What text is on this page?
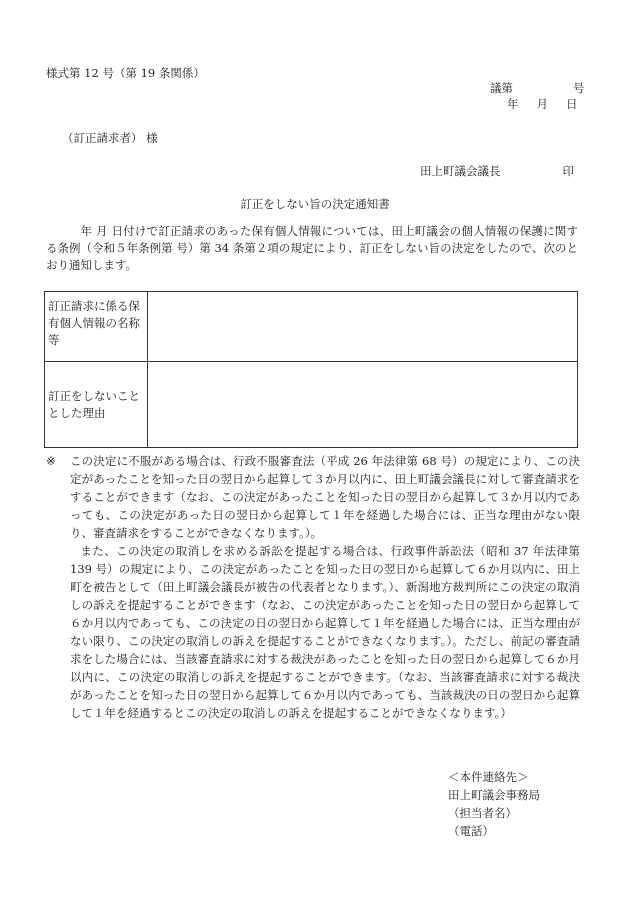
様式第 12 号（第 19 条関係）
議第	号
年 月 日
（訂正請求者） 様
田上町議会議長	印
訂正をしない旨の決定通知書

年 月 日付けで訂正請求のあった保有個人情報については、田上町議会の個人情報の保護に関する条例（令和５年条例第 号）第 34 条第２項の規定により、訂正をしない旨の決定をしたので、次のとおり通知します。

訂正請求に係る保有個人情報の名称等	
訂正をしないこととした理由	
※	この決定に不服がある場合は、行政不服審査法（平成 26 年法律第 68 号）の規定により、この決定があったことを知った日の翌日から起算して３か月以内に、田上町議会議長に対して審査請求をすることができます（なお、この決定があったことを知った日の翌日から起算して３か月以内であっても、この決定があった日の翌日から起算して１年を経過した場合には、正当な理由がない限り、審査請求をすることができなくなります。）。
また、この決定の取消しを求める訴訟を提起する場合は、行政事件訴訟法（昭和 37 年法律第 139 号）の規定により、この決定があったことを知った日の翌日から起算して６か月以内に、田上町を被告として（田上町議会議長が被告の代表者となります。）、新潟地方裁判所にこの決定の取消しの訴えを提起することができます（なお、この決定があったことを知った日の翌日から起算して６か月以内であっても、この決定の日の翌日から起算して１年を経過した場合には、正当な理由がない限り、この決定の取消しの訴えを提起することができなくなります。）。ただし、前記の審査請求をした場合には、当該審査請求に対する裁決があったことを知った日の翌日から起算して６か月以内に、この決定の取消しの訴えを提起することができます。（なお、当該審査請求に対する裁決があったことを知った日の翌日から起算して６か月以内であっても、当該裁決の日の翌日から起算して１年を経過するとこの決定の取消しの訴えを提起することができなくなります。）
＜本件連絡先＞
田上町議会事務局
（担当者名）
（電話）
